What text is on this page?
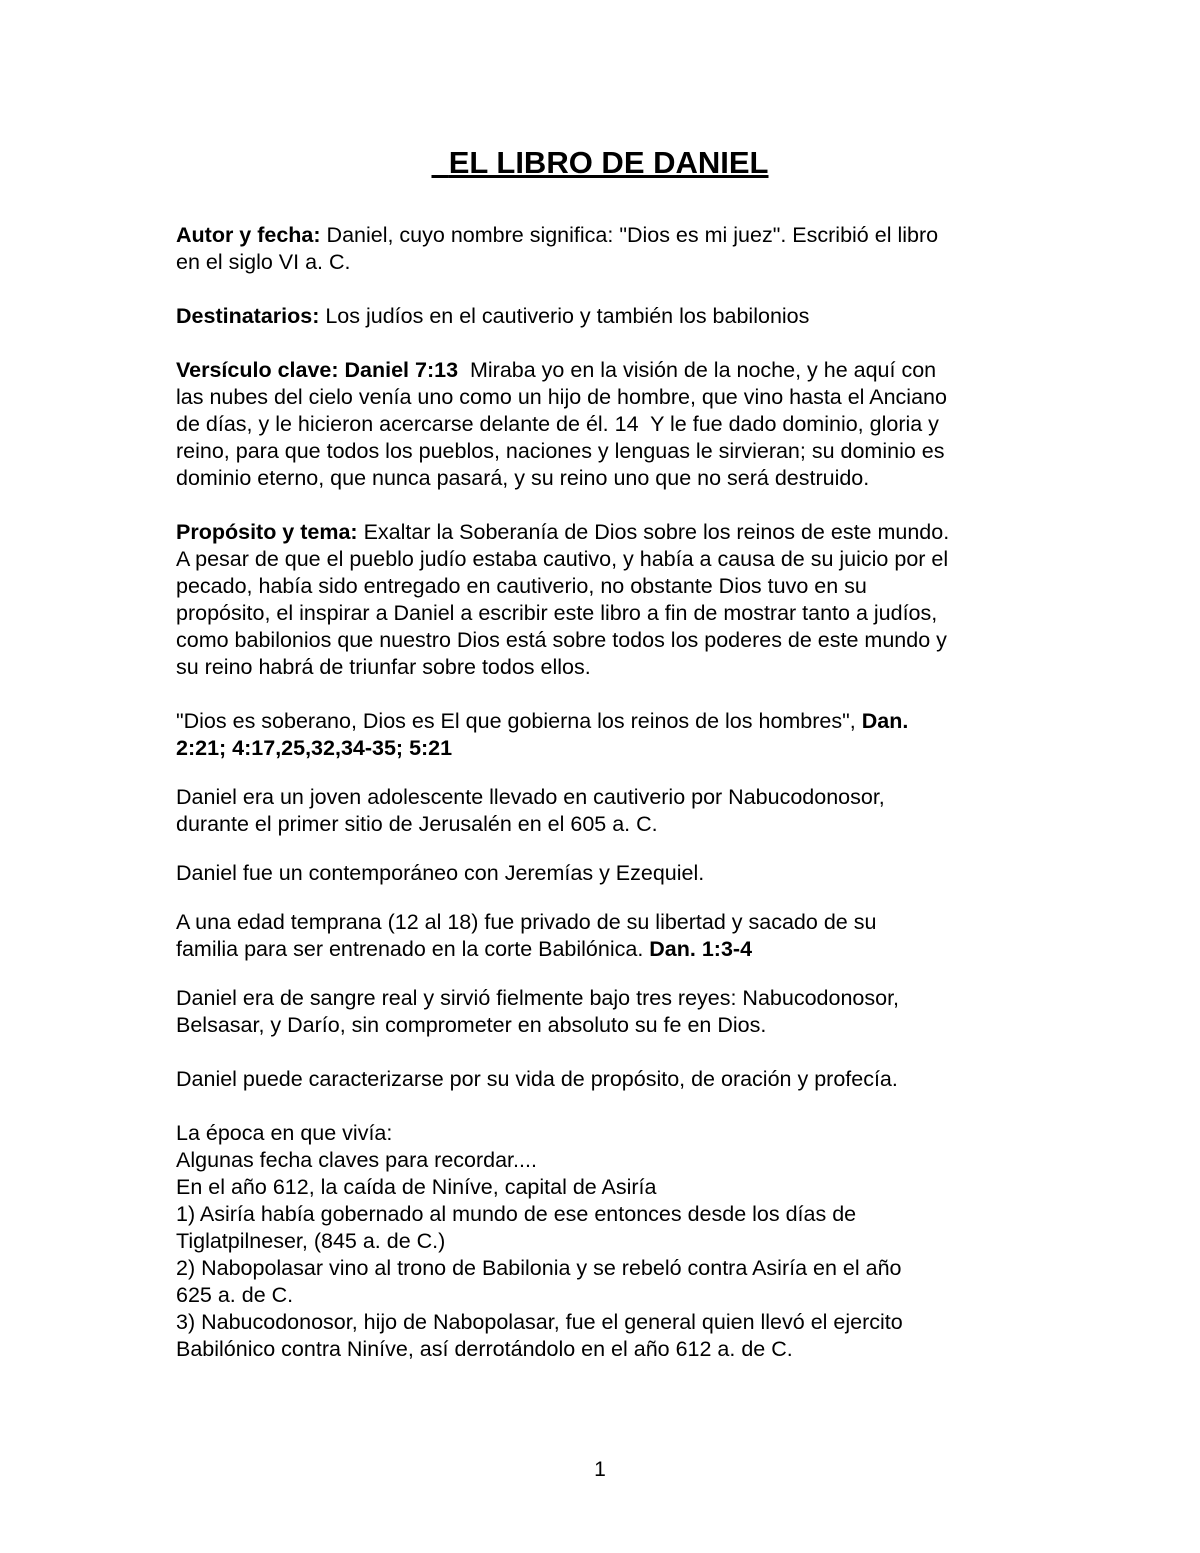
EL LIBRO DE DANIEL

Autor y fecha: Daniel, cuyo nombre significa: "Dios es mi juez". Escribió el libro
en el siglo VI a. C.

Destinatarios: Los judíos en el cautiverio y también los babilonios

Versículo clave: Daniel 7:13  Miraba yo en la visión de la noche, y he aquí con
las nubes del cielo venía uno como un hijo de hombre, que vino hasta el Anciano
de días, y le hicieron acercarse delante de él. 14  Y le fue dado dominio, gloria y
reino, para que todos los pueblos, naciones y lenguas le sirvieran; su dominio es
dominio eterno, que nunca pasará, y su reino uno que no será destruido.

Propósito y tema: Exaltar la Soberanía de Dios sobre los reinos de este mundo.
A pesar de que el pueblo judío estaba cautivo, y había a causa de su juicio por el
pecado, había sido entregado en cautiverio, no obstante Dios tuvo en su
propósito, el inspirar a Daniel a escribir este libro a fin de mostrar tanto a judíos,
como babilonios que nuestro Dios está sobre todos los poderes de este mundo y
su reino habrá de triunfar sobre todos ellos.

"Dios es soberano, Dios es El que gobierna los reinos de los hombres", Dan.
2:21; 4:17,25,32,34-35; 5:21

Daniel era un joven adolescente llevado en cautiverio por Nabucodonosor,
durante el primer sitio de Jerusalén en el 605 a. C.

Daniel fue un contemporáneo con Jeremías y Ezequiel.

A una edad temprana (12 al 18) fue privado de su libertad y sacado de su
familia para ser entrenado en la corte Babilónica. Dan. 1:3-4

Daniel era de sangre real y sirvió fielmente bajo tres reyes: Nabucodonosor,
Belsasar, y Darío, sin comprometer en absoluto su fe en Dios.

Daniel puede caracterizarse por su vida de propósito, de oración y profecía.

La época en que vivía:
Algunas fecha claves para recordar....
En el año 612, la caída de Niníve, capital de Asiría
1) Asiría había gobernado al mundo de ese entonces desde los días de
Tiglatpilneser, (845 a. de C.)
2) Nabopolasar vino al trono de Babilonia y se rebeló contra Asiría en el año
625 a. de C.
3) Nabucodonosor, hijo de Nabopolasar, fue el general quien llevó el ejercito
Babilónico contra Niníve, así derrotándolo en el año 612 a. de C.

1
